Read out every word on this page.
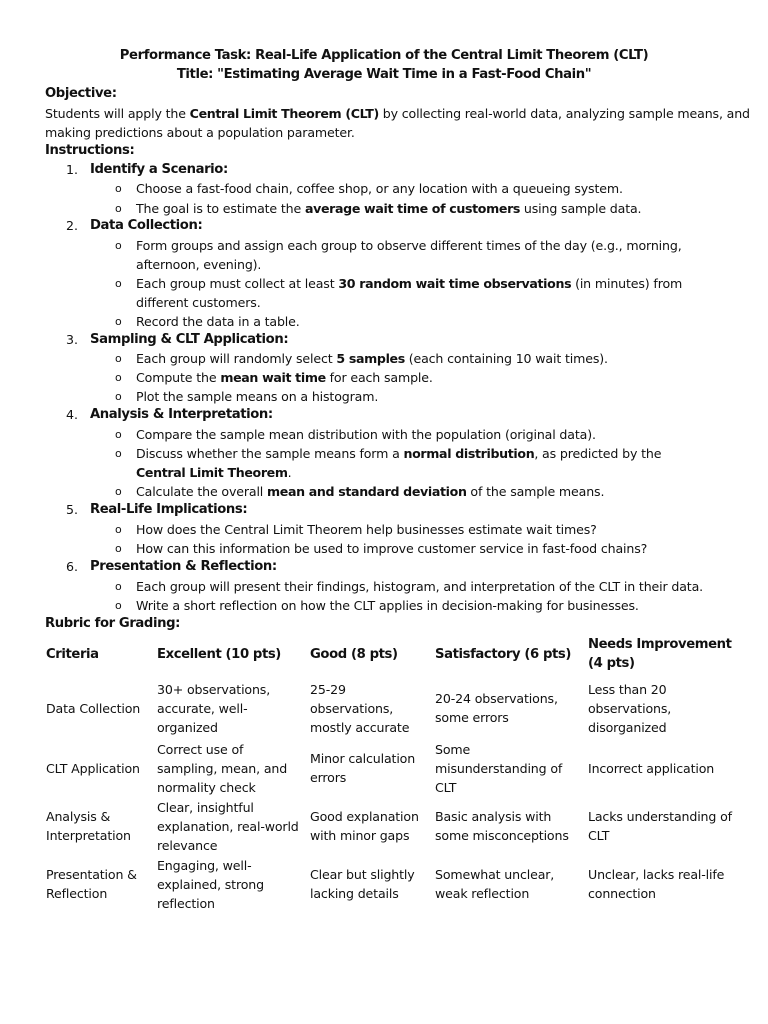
Performance Task: Real-Life Application of the Central Limit Theorem (CLT)
Title: "Estimating Average Wait Time in a Fast-Food Chain"
Objective:
Students will apply the Central Limit Theorem (CLT) by collecting real-world data, analyzing sample means, and
making predictions about a population parameter.
Instructions:
1. Identify a Scenario:
o Choose a fast-food chain, coffee shop, or any location with a queueing system.
o The goal is to estimate the average wait time of customers using sample data.
2. Data Collection:
o Form groups and assign each group to observe different times of the day (e.g., morning, afternoon, evening).
o Each group must collect at least 30 random wait time observations (in minutes) from different customers.
o Record the data in a table.
3. Sampling & CLT Application:
o Each group will randomly select 5 samples (each containing 10 wait times).
o Compute the mean wait time for each sample.
o Plot the sample means on a histogram.
4. Analysis & Interpretation:
o Compare the sample mean distribution with the population (original data).
o Discuss whether the sample means form a normal distribution, as predicted by the Central Limit Theorem.
o Calculate the overall mean and standard deviation of the sample means.
5. Real-Life Implications:
o How does the Central Limit Theorem help businesses estimate wait times?
o How can this information be used to improve customer service in fast-food chains?
6. Presentation & Reflection:
o Each group will present their findings, histogram, and interpretation of the CLT in their data.
o Write a short reflection on how the CLT applies in decision-making for businesses.
Rubric for Grading:
Criteria	Excellent (10 pts)	Good (8 pts)	Satisfactory (6 pts)	Needs Improvement (4 pts)
Data Collection	30+ observations, accurate, well-organized	25-29 observations, mostly accurate	20-24 observations, some errors	Less than 20 observations, disorganized
CLT Application	Correct use of sampling, mean, and normality check	Minor calculation errors	Some misunderstanding of CLT	Incorrect application
Analysis & Interpretation	Clear, insightful explanation, real-world relevance	Good explanation with minor gaps	Basic analysis with some misconceptions	Lacks understanding of CLT
Presentation & Reflection	Engaging, well-explained, strong reflection	Clear but slightly lacking details	Somewhat unclear, weak reflection	Unclear, lacks real-life connection
